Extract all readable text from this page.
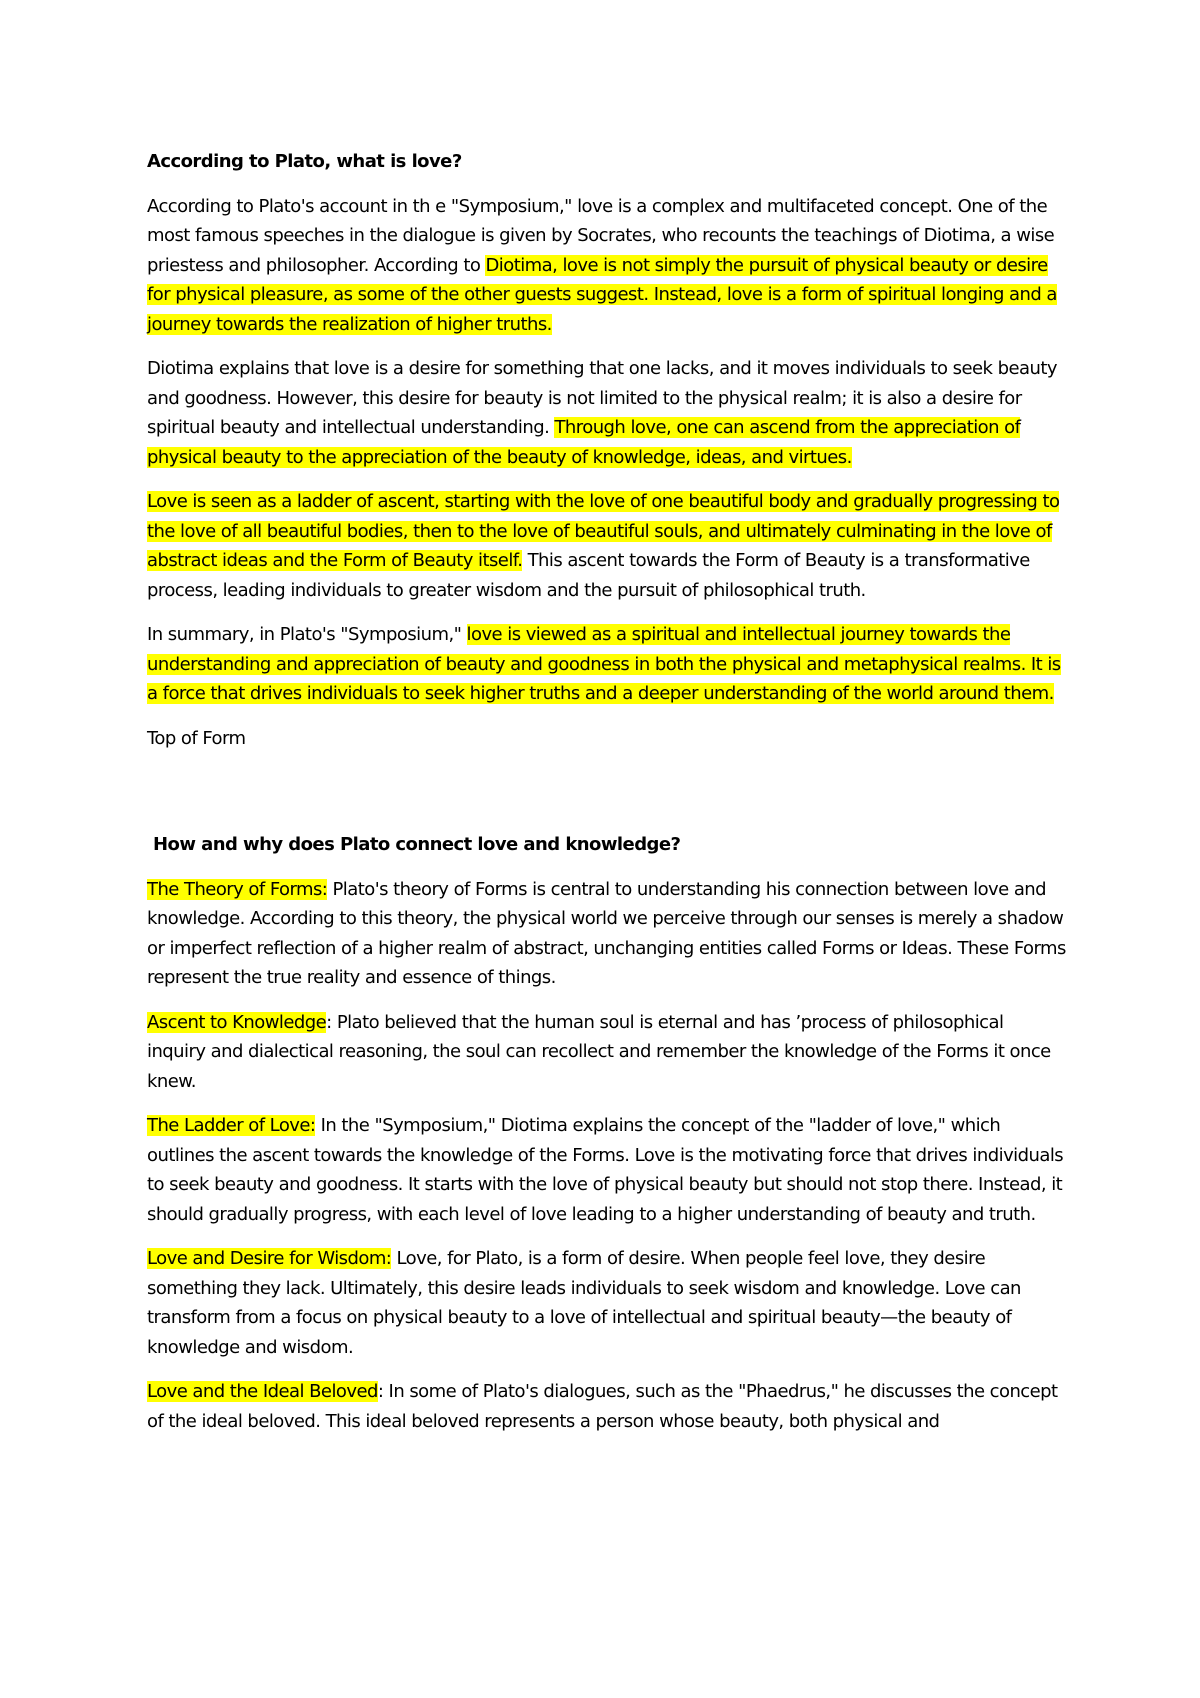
According to Plato, what is love?

According to Plato's account in th e "Symposium," love is a complex and multifaceted concept. One of the most famous speeches in the dialogue is given by Socrates, who recounts the teachings of Diotima, a wise priestess and philosopher. According to Diotima, love is not simply the pursuit of physical beauty or desire for physical pleasure, as some of the other guests suggest. Instead, love is a form of spiritual longing and a journey towards the realization of higher truths.

Diotima explains that love is a desire for something that one lacks, and it moves individuals to seek beauty and goodness. However, this desire for beauty is not limited to the physical realm; it is also a desire for spiritual beauty and intellectual understanding. Through love, one can ascend from the appreciation of physical beauty to the appreciation of the beauty of knowledge, ideas, and virtues.

Love is seen as a ladder of ascent, starting with the love of one beautiful body and gradually progressing to the love of all beautiful bodies, then to the love of beautiful souls, and ultimately culminating in the love of abstract ideas and the Form of Beauty itself. This ascent towards the Form of Beauty is a transformative process, leading individuals to greater wisdom and the pursuit of philosophical truth.

In summary, in Plato's "Symposium," love is viewed as a spiritual and intellectual journey towards the understanding and appreciation of beauty and goodness in both the physical and metaphysical realms. It is a force that drives individuals to seek higher truths and a deeper understanding of the world around them.

Top of Form

How and why does Plato connect love and knowledge?

The Theory of Forms: Plato's theory of Forms is central to understanding his connection between love and knowledge. According to this theory, the physical world we perceive through our senses is merely a shadow or imperfect reflection of a higher realm of abstract, unchanging entities called Forms or Ideas. These Forms represent the true reality and essence of things.

Ascent to Knowledge: Plato believed that the human soul is eternal and has ’process of philosophical inquiry and dialectical reasoning, the soul can recollect and remember the knowledge of the Forms it once knew.

The Ladder of Love: In the "Symposium," Diotima explains the concept of the "ladder of love," which outlines the ascent towards the knowledge of the Forms. Love is the motivating force that drives individuals to seek beauty and goodness. It starts with the love of physical beauty but should not stop there. Instead, it should gradually progress, with each level of love leading to a higher understanding of beauty and truth.

Love and Desire for Wisdom: Love, for Plato, is a form of desire. When people feel love, they desire something they lack. Ultimately, this desire leads individuals to seek wisdom and knowledge. Love can transform from a focus on physical beauty to a love of intellectual and spiritual beauty—the beauty of knowledge and wisdom.

Love and the Ideal Beloved: In some of Plato's dialogues, such as the "Phaedrus," he discusses the concept of the ideal beloved. This ideal beloved represents a person whose beauty, both physical and
